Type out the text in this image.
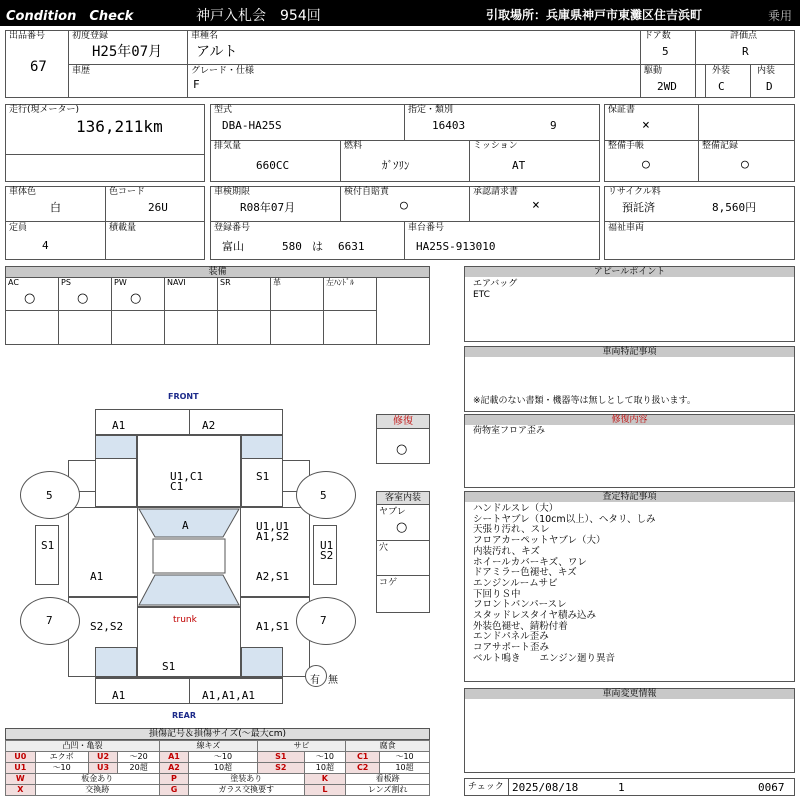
Condition　Check	神戸入札会　954回	引取場所：兵庫県神戸市東灘区住吉浜町	乗用
出品番号
67
初度登録
H25年07月
車種名
アルト
ドア数
5
評価点
R
車歴	グレード・仕様
F
駆動
2WD
外装
C
内装
D
走行(現メーター)
136,211km
型式
DBA-HA25S
指定・類別
16403	9
排気量
660CC
燃料
ｶﾞｿﾘﾝ
ミッション
AT
保証書
×
整備手帳
○
整備記録
○
車体色
白
色コード
26U
定員
4
積載量
車検期限
R08年07月
検付自賠責
○
承認請求書
×
登録番号
富山	580 は 6631
車台番号
HA25S-913010
リサイクル料
預託済	8,560円
福祉車両
装備
AC
○
PS
○
PW
○
NAVI	SR	革	左ﾊﾝﾄﾞﾙ
アピールポイント
エアバッグ
ETC
車両特記事項
※記載のない書類・機器等は無しとして取り扱います。
修復内容
荷物室フロア歪み
査定特記事項
ハンドルスレ（大）
シートヤブレ（10cm以上）、ヘタリ、しみ
天張り汚れ、スレ
フロアカーペットヤブレ（大）
内装汚れ、キズ
ホイールカバーキズ、ワレ
ドアミラー色褪せ、キズ
エンジンルームサビ
下回りＳ中
フロントバンパースレ
スタッドレスタイヤ積み込み
外装色褪せ、錆粉付着
エンドパネル歪み
コアサポート歪み
ベルト鳴き　　エンジン廻り異音
車両変更情報
チェック 2025/08/18	1	0067
修復
○
客室内装
ヤブレ
○
穴
コゲ
FRONT
REAR
A1	A2
U1,C1
C1
S1
A
S1	U1
S2
U1,U1
A1,S2
A1	A2,S1
trunk
S2,S2	A1,S1
S1
A1	A1,A1,A1
5	5
7	7
有 無
損傷記号＆損傷サイズ(〜最大cm)
凸凹・亀裂				線キズ		サビ		腐食	
U0	エクボ	U2	〜20	A1	〜10	S1	〜10	C1	〜10
U1	〜10	U3	20超	A2	10超	S2	10超	C2	10超
W	板金あり			P	塗装あり		K	看板跡	
X	交換跡			G	ガラス交換要す		L	レンズ割れ	
